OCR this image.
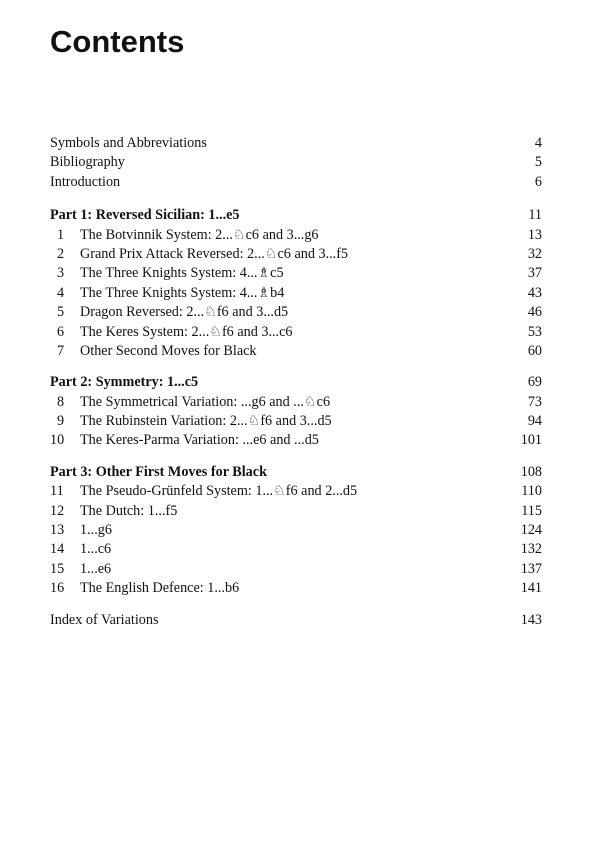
Contents
Symbols and Abbreviations	4
Bibliography	5
Introduction	6
Part 1: Reversed Sicilian: 1...e5	11
1	The Botvinnik System: 2...♘c6 and 3...g6	13
2	Grand Prix Attack Reversed: 2...♘c6 and 3...f5	32
3	The Three Knights System: 4...♗c5	37
4	The Three Knights System: 4...♗b4	43
5	Dragon Reversed: 2...♘f6 and 3...d5	46
6	The Keres System: 2...♘f6 and 3...c6	53
7	Other Second Moves for Black	60
Part 2: Symmetry: 1...c5	69
8	The Symmetrical Variation: ...g6 and ...♘c6	73
9	The Rubinstein Variation: 2...♘f6 and 3...d5	94
10	The Keres-Parma Variation: ...e6 and ...d5	101
Part 3: Other First Moves for Black	108
11	The Pseudo-Grünfeld System: 1...♘f6 and 2...d5	110
12	The Dutch: 1...f5	115
13	1...g6	124
14	1...c6	132
15	1...e6	137
16	The English Defence: 1...b6	141
Index of Variations	143
